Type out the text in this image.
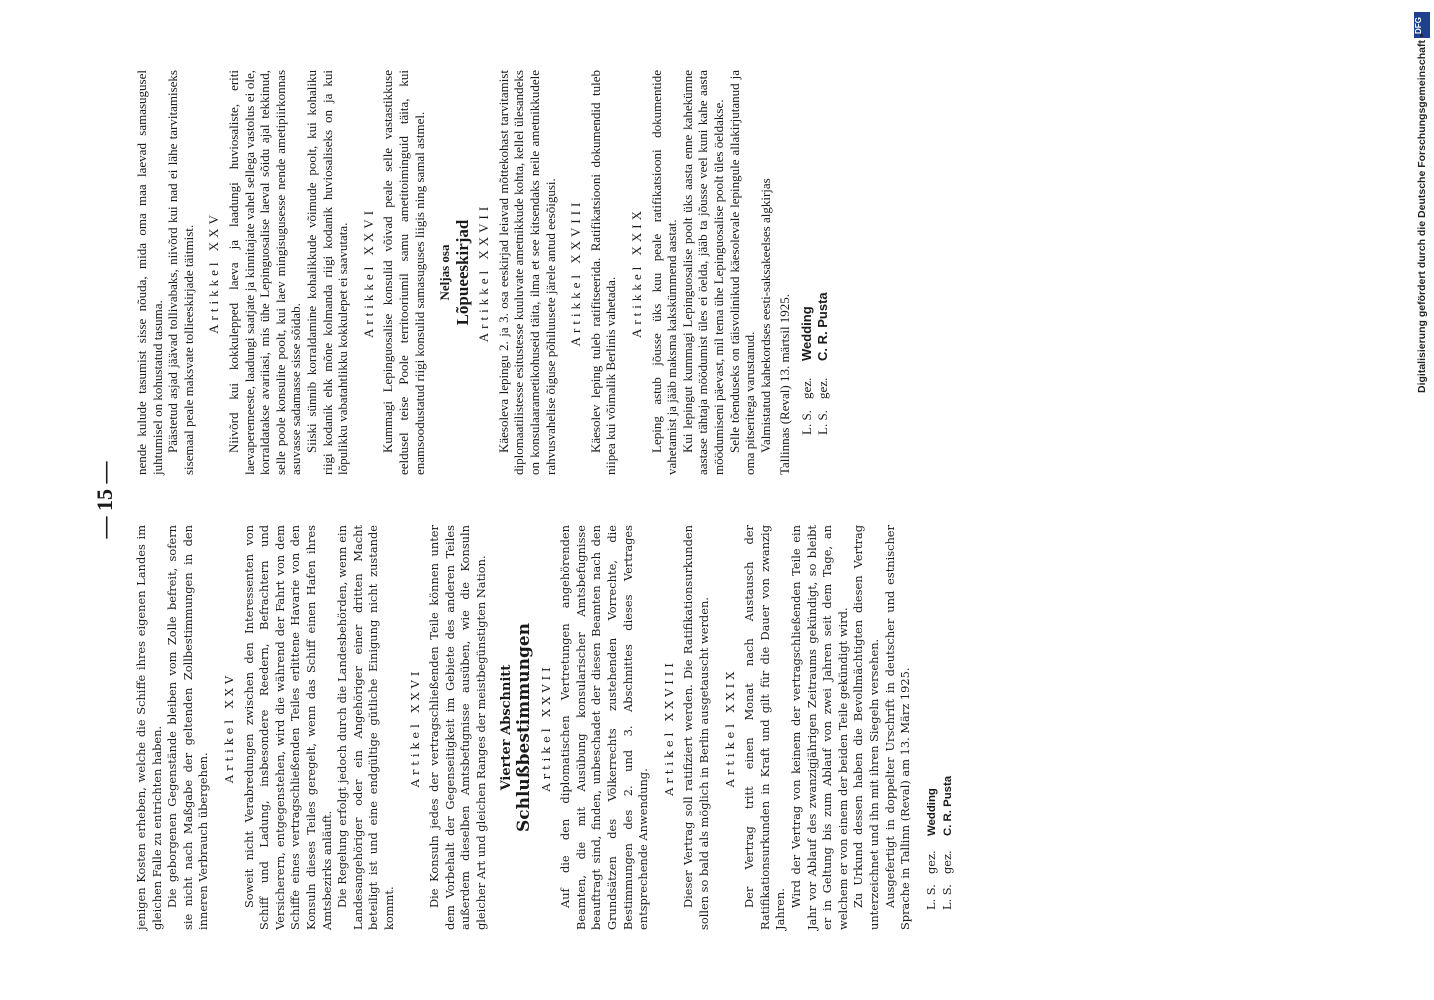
— 15 —

jenigen Kosten erheben, welche die Schiffe ihres eigenen Landes im gleichen Falle zu entrichten haben. Die geborgenen Gegenstände bleiben vom Zolle befreit, sofern sie nicht nach Maßgabe der geltenden Zollbestimmungen in den inneren Verbrauch übergehen.

Artikel XXV Soweit nicht Verabredungen zwischen den Interessenten von Schiff und Ladung, insbesondere Reedern, Befrachtern und Versicherern, entgegenstehen, wird die während der Fahrt von dem Schiffe eines vertragschließenden Teiles erlittene Havarie von den Konsuln dieses Teiles geregelt, wenn das Schiff einen Hafen ihres Amtsbezirks anläuft. Die Regelung erfolgt jedoch durch die Landesbehörden, wenn ein Landesangehöriger oder ein Angehöriger einer dritten Macht beteiligt ist und eine endgültige gütliche Einigung nicht zustande kommt.

Artikel XXVI Die Konsuln jedes der vertragschließenden Teile können unter dem Vorbehalt der Gegenseitigkeit im Gebiete des anderen Teiles außerdem dieselben Amtsbefugnisse ausüben, wie die Konsuln gleicher Art und gleichen Ranges der meistbegünstigten Nation. Vierter Abschnitt Schlußbestimmungen Artikel XXVII Auf die den diplomatischen Vertretungen angehörenden Beamten, die mit Ausübung konsularischer Amtsbefugnisse beauftragt sind, finden, unbeschadet der diesen Beamten nach den Grundsätzen des Völkerrechts zustehenden Vorrechte, die Bestimmungen des 2. und 3. Abschnittes dieses Vertrages entsprechende Anwendung.

Artikel XXVIII Dieser Vertrag soll ratifiziert werden. Die Ratifikationsurkunden sollen so bald als möglich in Berlin ausgetauscht werden. Artikel XXIX Der Vertrag tritt einen Monat nach Austausch der Ratifikationsurkunden in Kraft und gilt für die Dauer von zwanzig Jahren.

Wird der Vertrag von keinem der vertragschließenden Teile ein Jahr vor Ablauf des zwanzigjährigen Zeitraums gekündigt, so bleibt er in Geltung bis zum Ablauf von zwei Jahren seit dem Tage, an welchem er von einem der beiden Teile gekündigt wird. Zu Urkund dessen haben die Bevollmächtigten diesen Vertrag unterzeichnet und ihn mit ihren Siegeln versehen. Ausgefertigt in doppelter Urschrift in deutscher und estnischer Sprache in Tallinn (Reval) am 13. März 1925. L. S.gez.Wedding
L. S.gez.C. R. Pusta

nende kulude tasumist sisse nõuda, mida oma maa laevad samasugusel juhtumisel on kohustatud tasuma. Päästetud asjad jäävad tollivabaks, niivõrd kui nad ei lähe tarvitamiseks sisemaal peale maksvate tollieeskirjade täitmist. Artikkel XXV Niivõrd kui kokkulepped laeva ja laadungi huviosaliste, eriti laevaperemeeste, laadungi saatjate ja kinnitajate vahel sellega vastolus ei ole, korraldatakse avariiasi, mis ühe Lepinguosalise laeval sõidu ajal tekkinud, selle poole konsulite poolt, kui laev mingisugusesse nende ametipiirkonnas asuvasse sadamasse sisse sõidab. Siiski sünnib korraldamine kohalikkude võimude poolt, kui kohaliku riigi kodanik ehk mõne kolmanda riigi kodanik huviosaliseks on ja kui lõpulikku vabatahtlikku kokkulepet ei saavutata. Artikkel XXVI Kummagi Lepinguosalise konsulid võivad peale selle vastastikkuse eeldusel teise Poole territooriumil samu ametitoiminguid täita, kui enamsoodustatud riigi konsulid samasuguses liigis ning samal astmel. Neljas osa Lõpueeskirjad Artikkel XXVII Käesoleva lepingu 2. ja 3. osa eeskirjad leiavad mõttekohast tarvitamist diplomaatilistesse esitustesse kuuluvate ametnikkude kohta, kellel ülesandeks on konsulaarametikohuseid täita, ilma et see kitsendaks neile ametnikkudele rahvusvahelise õiguse põhiluusete järele antud eesõigusi. Artikkel XXVIII Käesolev leping tuleb ratifitseerida. Ratifikatsiooni dokumendid tuleb niipea kui võimalik Berlinis vahetada.

Artikkel XXIX Leping astub jõusse üks kuu peale ratifikatsiooni dokumentide vahetamist ja jääb maksma kakskümmend aastat. Kui lepingut kummagi Lepinguosalise poolt üks aasta enne kahekümne aastase tähtaja möödumist üles ei öelda, jääb ta jõusse veel kuni kahe aasta möödumiseni päevast, mil tema ühe Lepinguosalise poolt üles öeldakse. Selle tõenduseks on täisvolinikud käesolevale lepingule allakirjutanud ja oma pitseritega varustanud. Valmistatud kahekordses eesti-saksakeelses algkirjas Tallinnas (Reval) 13. märtsil 1925. L. S.gez.Wedding
L. S.gez.C. R. Pusta
DFG
Digitalisierung gefördert durch die Deutsche Forschungsgemeinschaft •
